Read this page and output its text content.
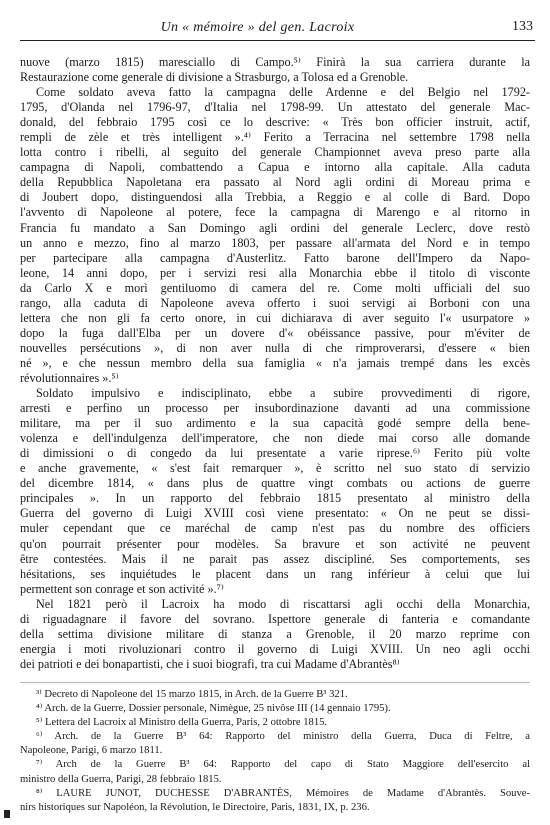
Un « mémoire » del gen. Lacroix	133
nuove (marzo 1815) maresciallo di Campo.⁵⁾ Finirà la sua carriera durante la
Restaurazione come generale di divisione a Strasburgo, a Tolosa ed a Grenoble.
Come soldato aveva fatto la campagna delle Ardenne e del Belgio nel 1792-
1795, d'Olanda nel 1796-97, d'Italia nel 1798-99. Un attestato del generale Mac-
donald, del febbraio 1795 così ce lo descrive: « Très bon officier instruit, actif,
rempli de zèle et très intelligent ».⁴⁾ Ferito a Terracina nel settembre 1798 nella
lotta contro i ribelli, al seguito del generale Championnet aveva preso parte alla
campagna di Napoli, combattendo a Capua e intorno alla capitale. Alla caduta
della Repubblica Napoletana era passato al Nord agli ordini di Moreau prima e
di Joubert dopo, distinguendosi alla Trebbia, a Reggio e al colle di Bard. Dopo
l'avvento di Napoleone al potere, fece la campagna di Marengo e al ritorno in
Francia fu mandato a San Domingo agli ordini del generale Leclerc, dove restò
un anno e mezzo, fino al marzo 1803, per passare all'armata del Nord e in tempo
per partecipare alla campagna d'Austerlitz. Fatto barone dell'Impero da Napo-
leone, 14 anni dopo, per i servizi resi alla Monarchia ebbe il titolo di visconte
da Carlo X e morì gentiluomo di camera del re. Come molti ufficiali del suo
rango, alla caduta di Napoleone aveva offerto i suoi servigi ai Borboni con una
lettera che non gli fa certo onore, in cui dichiarava di aver seguito l'« usurpatore »
dopo la fuga dall'Elba per un dovere d'« obéissance passive, pour m'éviter de
nouvelles persécutions », di non aver nulla di che rimproverarsi, d'essere « bien
né », e che nessun membro della sua famiglia « n'a jamais trempé dans les excès
révolutionnaires ».⁵⁾
Soldato impulsivo e indisciplinato, ebbe a subire provvedimenti di rigore,
arresti e perfino un processo per insubordinazione davanti ad una commissione
militare, ma per il suo ardimento e la sua capacità godé sempre della bene-
volenza e dell'indulgenza dell'imperatore, che non diede mai corso alle domande
di dimissioni o di congedo da lui presentate a varie riprese.⁶⁾ Ferito più volte
e anche gravemente, « s'est fait remarquer », è scritto nel suo stato di servizio
del dicembre 1814, « dans plus de quattre vingt combats ou actions de guerre
principales ». In un rapporto del febbraio 1815 presentato al ministro della
Guerra del governo di Luigi XVIII così viene presentato: « On ne peut se dissi-
muler cependant que ce maréchal de camp n'est pas du nombre des officiers
qu'on pourrait présenter pour modèles. Sa bravure et son activité ne peuvent
être contestées. Mais il ne parait pas assez discipliné. Ses comportements, ses
hésitations, ses inquiétudes le placent dans un rang inférieur à celui que lui
permettent son conrage et son activité ».⁷⁾
Nel 1821 però il Lacroix ha modo di riscattarsi agli occhi della Monarchia,
di riguadagnare il favore del sovrano. Ispettore generale di fanteria e comandante
della settima divisione militare di stanza a Grenoble, il 20 marzo reprime con
energia i moti rivoluzionari contro il governo di Luigi XVIII. Un neo agli occhi
dei patrioti e dei bonapartisti, che i suoi biografi, tra cui Madame d'Abrantès⁸⁾
³⁾ Decreto di Napoleone del 15 marzo 1815, in Arch. de la Guerre B³ 321.
⁴⁾ Arch. de la Guerre, Dossier personale, Nimègue, 25 nivôse III (14 gennaio 1795).
⁵⁾ Lettera del Lacroix al Ministro della Guerra, Paris, 2 ottobre 1815.
⁶⁾ Arch. de la Guerre B³ 64: Rapporto del ministro della Guerra, Duca di Feltre, a
Napoleone, Parigi, 6 marzo 1811.
⁷⁾ Arch de la Guerre B³ 64: Rapporto del capo di Stato Maggiore dell'esercito al
ministro della Guerra, Parigi, 28 febbraio 1815.
⁸⁾ LAURE JUNOT, DUCHESSE D'ABRANTÈS, Mémoires de Madame d'Abrantès. Souve-
nirs historiques sur Napoléon, la Révolution, le Directoire, Paris, 1831, IX, p. 236.
